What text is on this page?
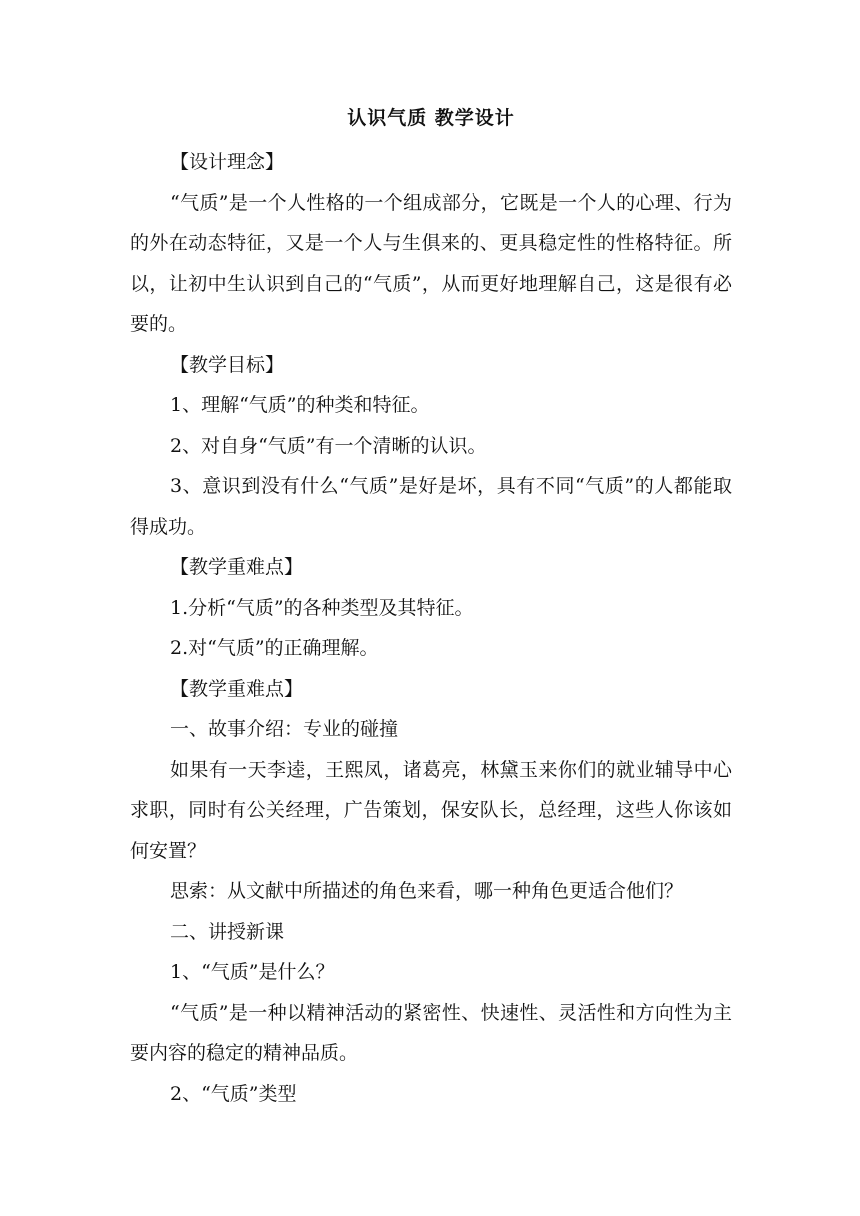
认识气质 教学设计

【设计理念】

“气质”是一个人性格的一个组成部分，它既是一个人的心理、行为的外在动态特征，又是一个人与生俱来的、更具稳定性的性格特征。所以，让初中生认识到自己的“气质”，从而更好地理解自己，这是很有必要的。

【教学目标】

1、理解“气质”的种类和特征。

2、对自身“气质”有一个清晰的认识。

3、意识到没有什么“气质”是好是坏，具有不同“气质”的人都能取得成功。

【教学重难点】

1.分析“气质”的各种类型及其特征。

2.对“气质”的正确理解。

【教学重难点】

一、故事介绍：专业的碰撞

如果有一天李逵，王熙凤，诸葛亮，林黛玉来你们的就业辅导中心求职，同时有公关经理，广告策划，保安队长，总经理，这些人你该如何安置？

思索：从文献中所描述的角色来看，哪一种角色更适合他们？

二、讲授新课

1、“气质”是什么？

“气质”是一种以精神活动的紧密性、快速性、灵活性和方向性为主要内容的稳定的精神品质。

2、“气质”类型
